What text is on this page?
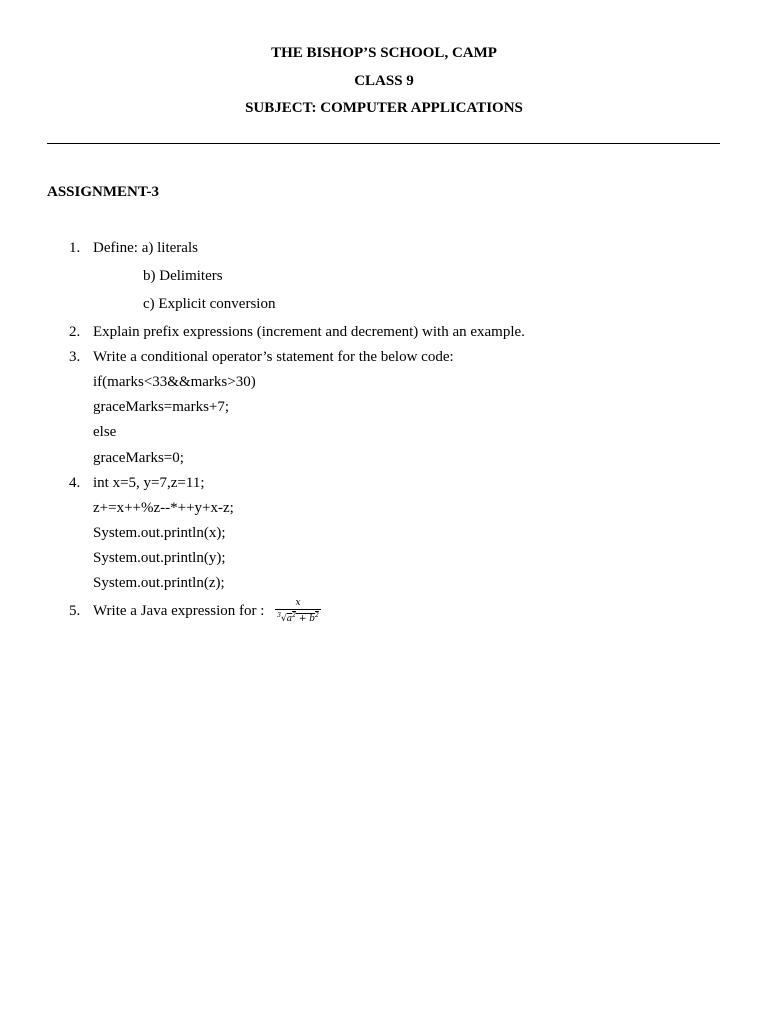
THE BISHOP’S SCHOOL, CAMP
CLASS 9
SUBJECT: COMPUTER APPLICATIONS
ASSIGNMENT-3
1. Define: a) literals
b) Delimiters
c) Explicit conversion
2. Explain prefix expressions (increment and decrement) with an example.
3. Write a conditional operator’s statement for the below code:
if(marks<33&&marks>30)
graceMarks=marks+7;
else
graceMarks=0;
4. int x=5, y=7,z=11;
z+=x++%z--*++y+x-z;
System.out.println(x);
System.out.println(y);
System.out.println(z);
5. Write a Java expression for :	x
$^3√a^2 + b^2$
